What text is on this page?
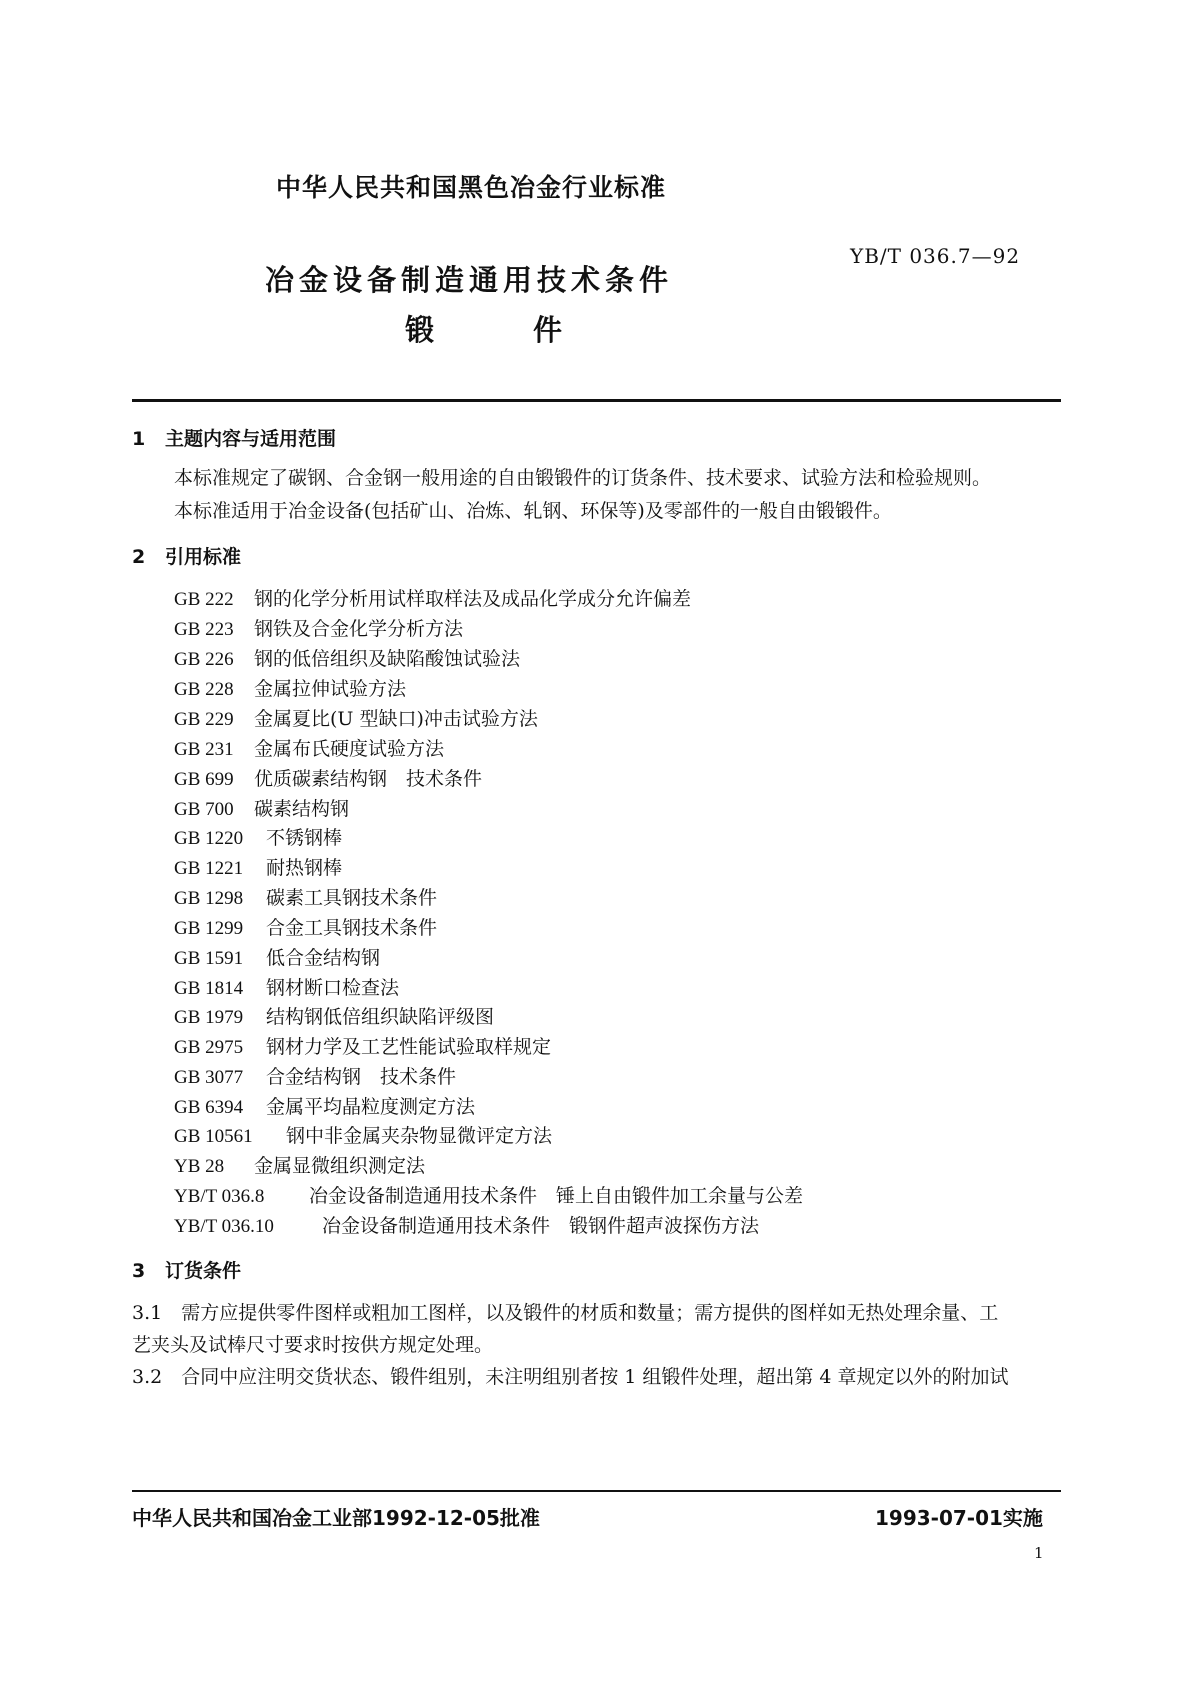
中华人民共和国黑色冶金行业标准
YB/T 036.7—92
冶金设备制造通用技术条件
锻	件
1 主题内容与适用范围
本标准规定了碳钢、合金钢一般用途的自由锻锻件的订货条件、技术要求、试验方法和检验规则。
本标准适用于冶金设备(包括矿山、冶炼、轧钢、环保等)及零部件的一般自由锻锻件。
2 引用标准
GB 222 钢的化学分析用试样取样法及成品化学成分允许偏差
GB 223 钢铁及合金化学分析方法
GB 226 钢的低倍组织及缺陷酸蚀试验法
GB 228 金属拉伸试验方法
GB 229 金属夏比(U 型缺口)冲击试验方法
GB 231 金属布氏硬度试验方法
GB 699 优质碳素结构钢　技术条件
GB 700 碳素结构钢
GB 1220 不锈钢棒
GB 1221 耐热钢棒
GB 1298 碳素工具钢技术条件
GB 1299 合金工具钢技术条件
GB 1591 低合金结构钢
GB 1814 钢材断口检查法
GB 1979 结构钢低倍组织缺陷评级图
GB 2975 钢材力学及工艺性能试验取样规定
GB 3077 合金结构钢　技术条件
GB 6394 金属平均晶粒度测定方法
GB 10561 钢中非金属夹杂物显微评定方法
YB 28 金属显微组织测定法
YB/T 036.8 冶金设备制造通用技术条件　锤上自由锻件加工余量与公差
YB/T 036.10	冶金设备制造通用技术条件　锻钢件超声波探伤方法
3 订货条件
3.1　需方应提供零件图样或粗加工图样，以及锻件的材质和数量；需方提供的图样如无热处理余量、工
艺夹头及试棒尺寸要求时按供方规定处理。
3.2　合同中应注明交货状态、锻件组别，未注明组别者按 1 组锻件处理，超出第 4 章规定以外的附加试
中华人民共和国冶金工业部1992-12-05批准	1993-07-01实施
1
